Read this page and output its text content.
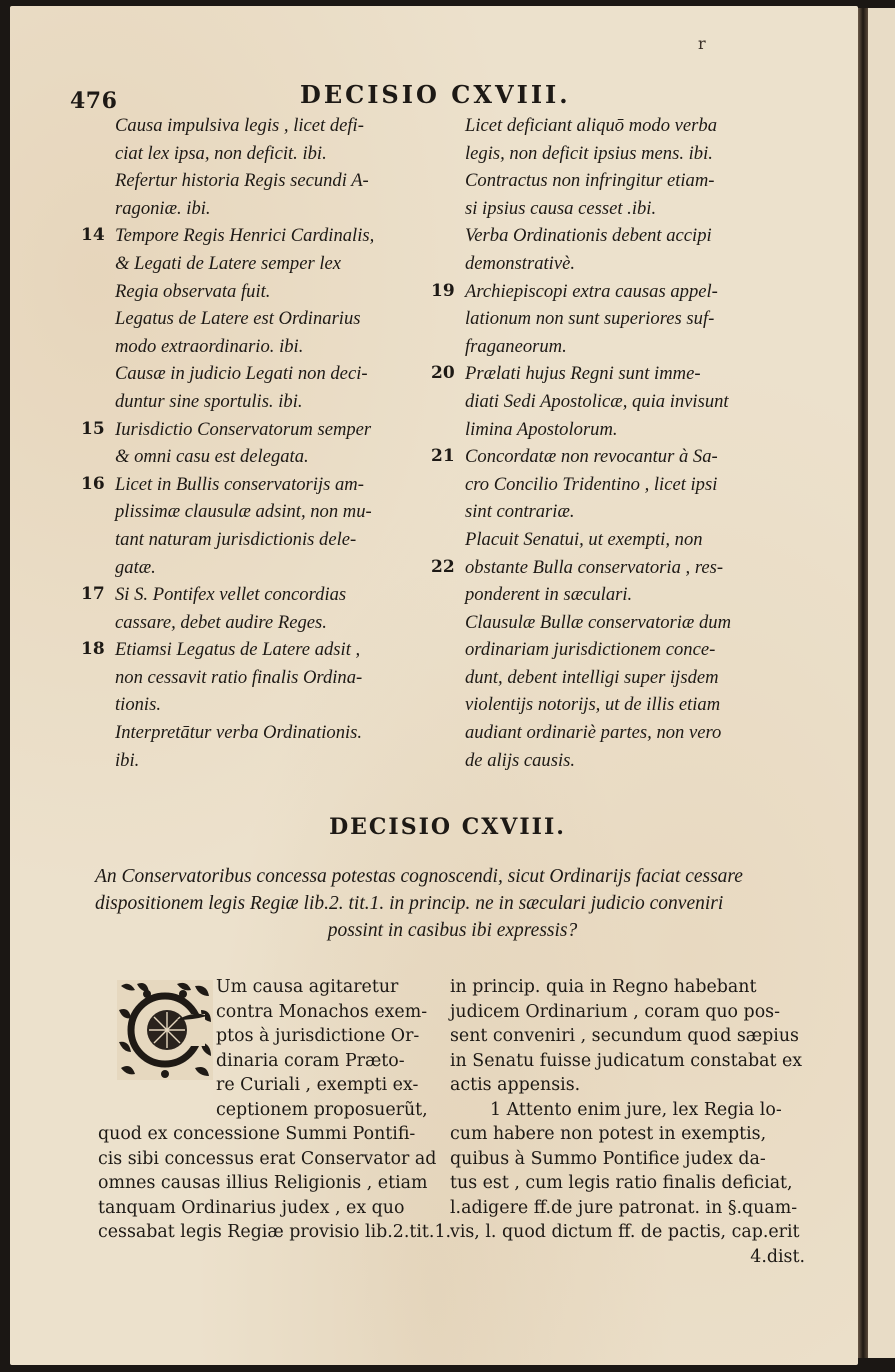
476	DECISIO CXVIII.
r
Causa impulsiva legis , licet defi-
ciat lex ipsa, non deficit. ibi.
Refertur historia Regis secundi A-
ragoniæ. ibi.
14 Tempore Regis Henrici Cardinalis,
& Legati de Latere semper lex
Regia observata fuit.
Legatus de Latere est Ordinarius
modo extraordinario. ibi.
Causæ in judicio Legati non deci-
duntur sine sportulis. ibi.
15 Iurisdictio Conservatorum semper
& omni casu est delegata.
16 Licet in Bullis conservatorijs am-
plissimæ clausulæ adsint, non mu-
tant naturam jurisdictionis dele-
gatæ.
17 Si S. Pontifex vellet concordias
cassare, debet audire Reges.
18 Etiamsi Legatus de Latere adsit ,
non cessavit ratio finalis Ordina-
tionis.
Interpretātur verba Ordinationis.
ibi.
Licet deficiant aliquō modo verba
legis, non deficit ipsius mens. ibi.
Contractus non infringitur etiam-
si ipsius causa cesset .ibi.
Verba Ordinationis debent accipi
demonstrativè.
19 Archiepiscopi extra causas appel-
lationum non sunt superiores suf-
fraganeorum.
20 Prælati hujus Regni sunt imme-
diati Sedi Apostolicæ, quia invisunt
limina Apostolorum.
21 Concordatæ non revocantur à Sa-
cro Concilio Tridentino , licet ipsi
sint contrariæ.
Placuit Senatui, ut exempti, non
22 obstante Bulla conservatoria , res-
ponderent in sæculari.
Clausulæ Bullæ conservatoriæ dum
ordinariam jurisdictionem conce-
dunt, debent intelligi super ijsdem
violentijs notorijs, ut de illis etiam
audiant ordinariè partes, non vero
de alijs causis.
DECISIO CXVIII.
An Conservatoribus concessa potestas cognoscendi, sicut Ordinarijs faciat cessare
dispositionem legis Regiæ lib.2. tit.1. in princip. ne in sæculari judicio conveniri
possint in casibus ibi expressis?
Um causa agitaretur
contra Monachos exem-
ptos à jurisdictione Or-
dinaria coram Prætо-
re Curiali , exempti ex-
ceptionem proposuerũt,
quod ex concessione Summi Pontifi-
cis sibi concessus erat Conservator ad
omnes causas illius Religionis , etiam
tanquam Ordinarius judex , ex quo
cessabat legis Regiæ provisio lib.2.tit.1.
in princip. quia in Regno habebant
judicem Ordinarium , coram quo pos-
sent conveniri , secundum quod sæpius
in Senatu fuisse judicatum constabat ex
actis appensis.
1 Attento enim jure, lex Regia lo-
cum habere non potest in exemptis,
quibus à Summo Pontifice judex da-
tus est , cum legis ratio finalis deficiat,
l.adigere ff.de jure patronat. in §.quam-
vis, l. quod dictum ff. de pactis, cap.erit
4.dist.
